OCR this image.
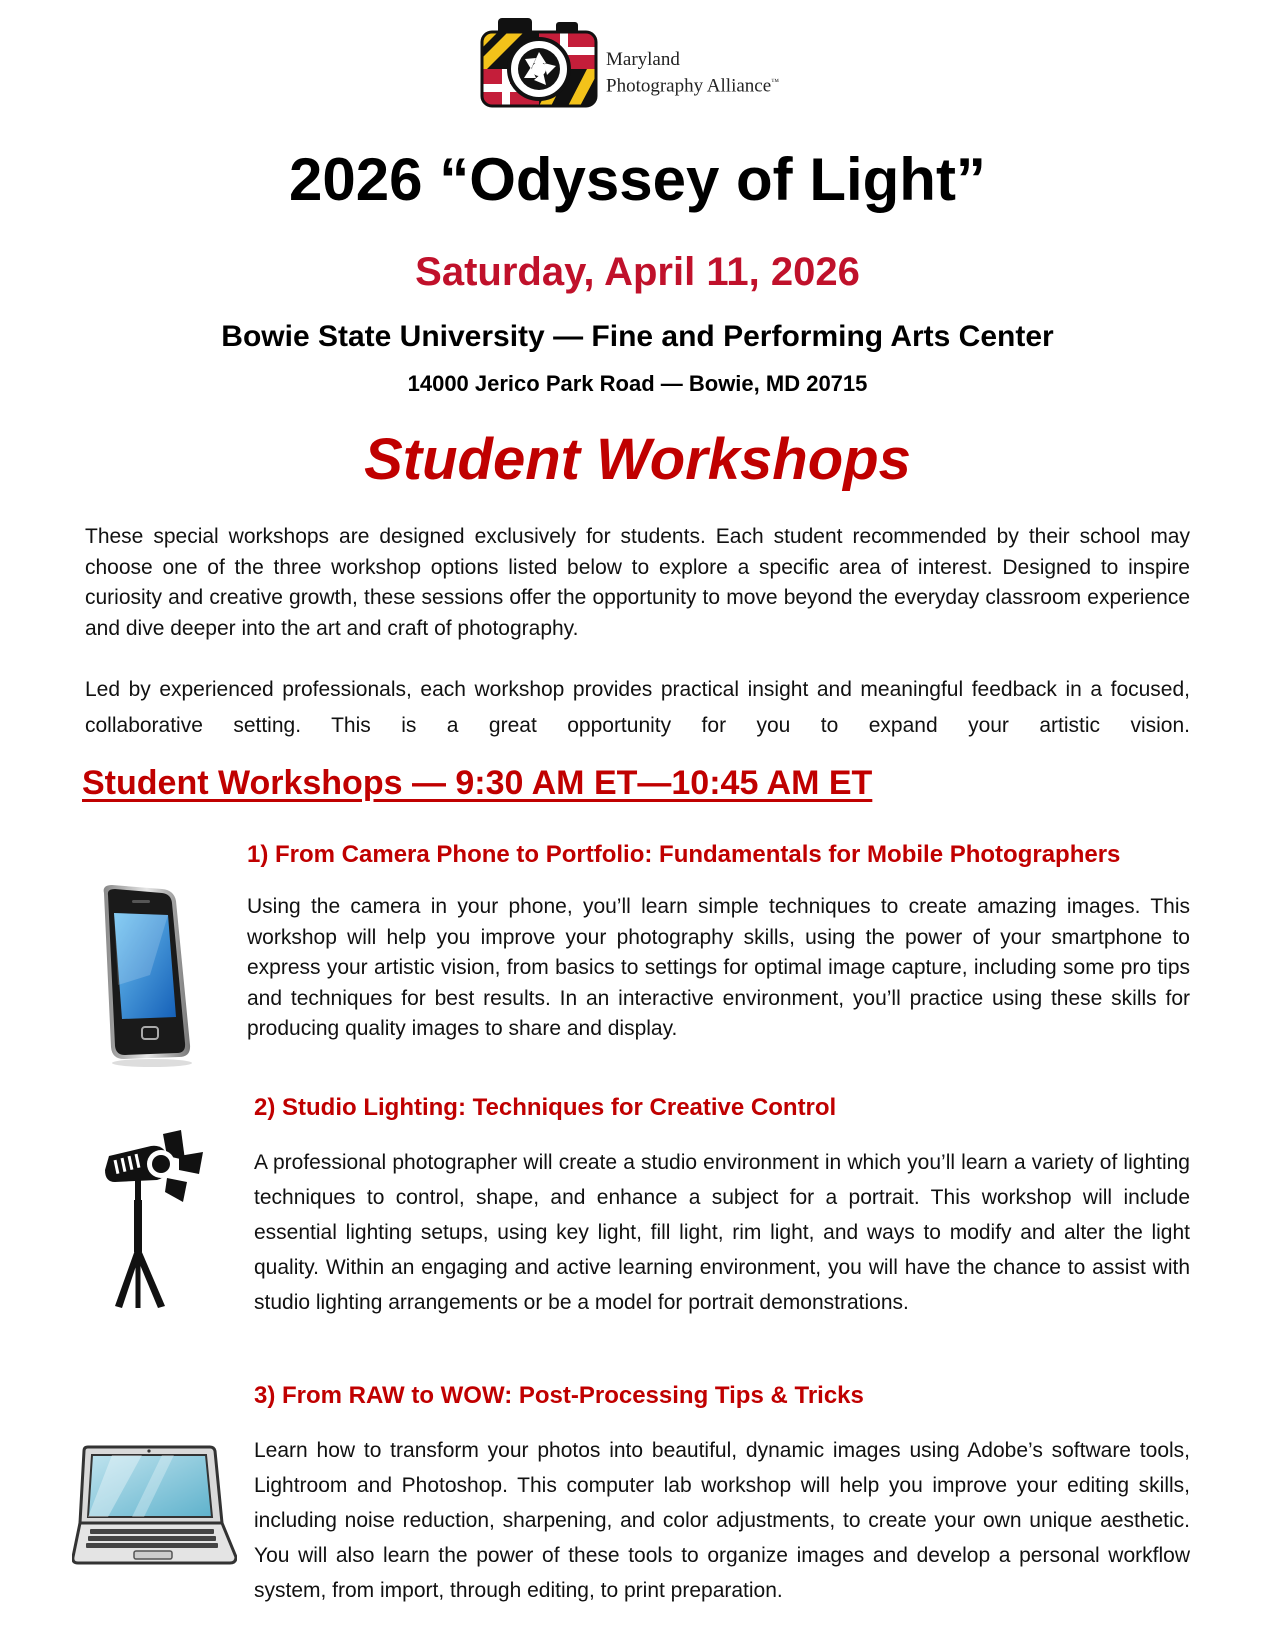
Maryland
Photography Alliance™
2026 “Odyssey of Light”
Saturday, April 11, 2026
Bowie State University — Fine and Performing Arts Center
14000 Jerico Park Road — Bowie, MD 20715
Student Workshops

These special workshops are designed exclusively for students. Each student recommended by their school may choose one of the three workshop options listed below to explore a specific area of interest. Designed to inspire curiosity and creative growth, these sessions offer the opportunity to move beyond the everyday classroom experience and dive deeper into the art and craft of photography.

Led by experienced professionals, each workshop provides practical insight and meaningful feedback in a focused, collaborative setting. This is a great opportunity for you to expand your artistic vision.

Student Workshops — 9:30 AM ET—10:45 AM ET
1) From Camera Phone to Portfolio: Fundamentals for Mobile Photographers

Using the camera in your phone, you’ll learn simple techniques to create amazing images. This workshop will help you improve your photography skills, using the power of your smartphone to express your artistic vision, from basics to settings for optimal image capture, including some pro tips and techniques for best results. In an interactive environment, you’ll practice using these skills for producing quality images to share and display.

2) Studio Lighting: Techniques for Creative Control

A professional photographer will create a studio environment in which you’ll learn a variety of lighting techniques to control, shape, and enhance a subject for a portrait. This workshop will include essential lighting setups, using key light, fill light, rim light, and ways to modify and alter the light quality. Within an engaging and active learning environment, you will have the chance to assist with studio lighting arrangements or be a model for portrait demonstrations.

3) From RAW to WOW: Post-Processing Tips & Tricks

Learn how to transform your photos into beautiful, dynamic images using Adobe’s software tools, Lightroom and Photoshop. This computer lab workshop will help you improve your editing skills, including noise reduction, sharpening, and color adjustments, to create your own unique aesthetic. You will also learn the power of these tools to organize images and develop a personal workflow system, from import, through editing, to print preparation.
